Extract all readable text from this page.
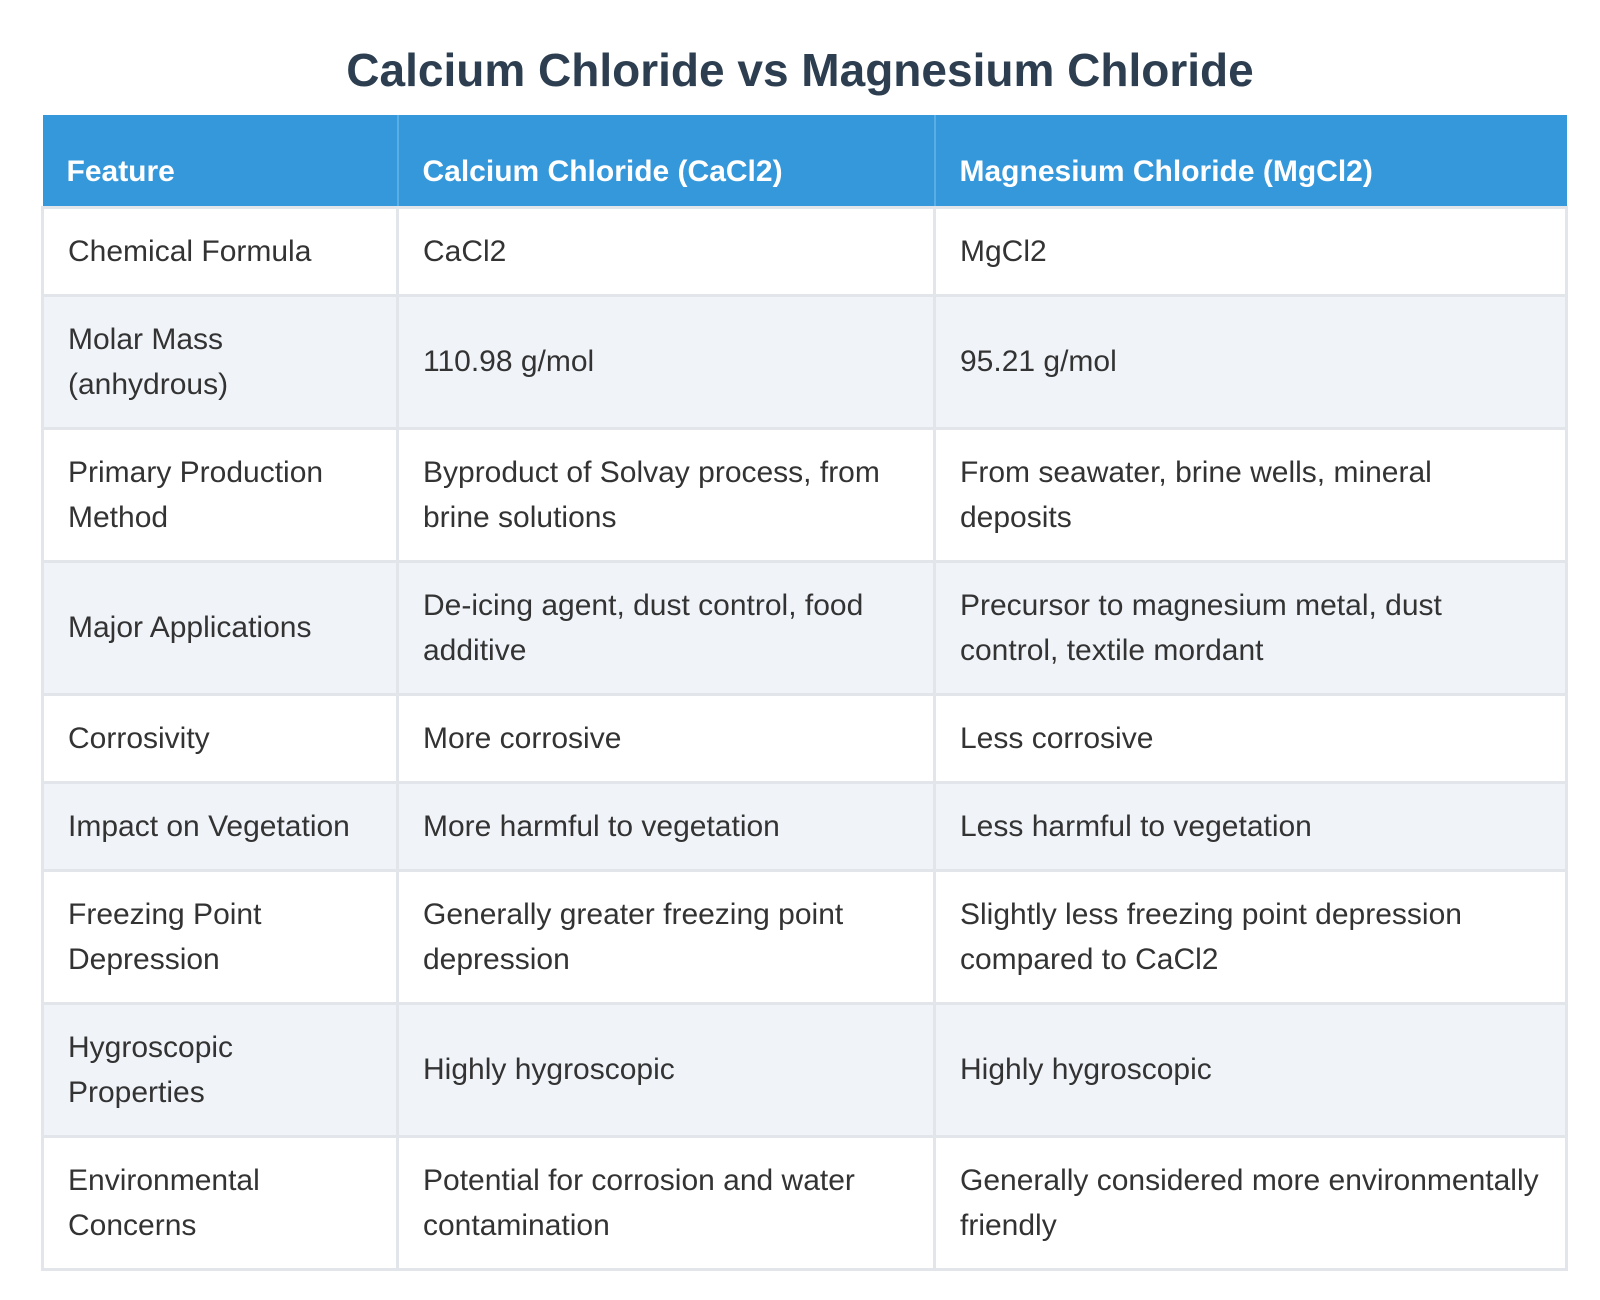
Calcium Chloride vs Magnesium Chloride
Feature	Calcium Chloride (CaCl2)	Magnesium Chloride (MgCl2)
Chemical Formula	CaCl2	MgCl2
Molar Mass (anhydrous)	110.98 g/mol	95.21 g/mol
Primary Production Method	Byproduct of Solvay process, from brine solutions	From seawater, brine wells, mineral deposits
Major Applications	De-icing agent, dust control, food additive	Precursor to magnesium metal, dust control, textile mordant
Corrosivity	More corrosive	Less corrosive
Impact on Vegetation	More harmful to vegetation	Less harmful to vegetation
Freezing Point Depression	Generally greater freezing point depression	Slightly less freezing point depression compared to CaCl2
Hygroscopic Properties	Highly hygroscopic	Highly hygroscopic
Environmental Concerns	Potential for corrosion and water contamination	Generally considered more environmentally friendly
